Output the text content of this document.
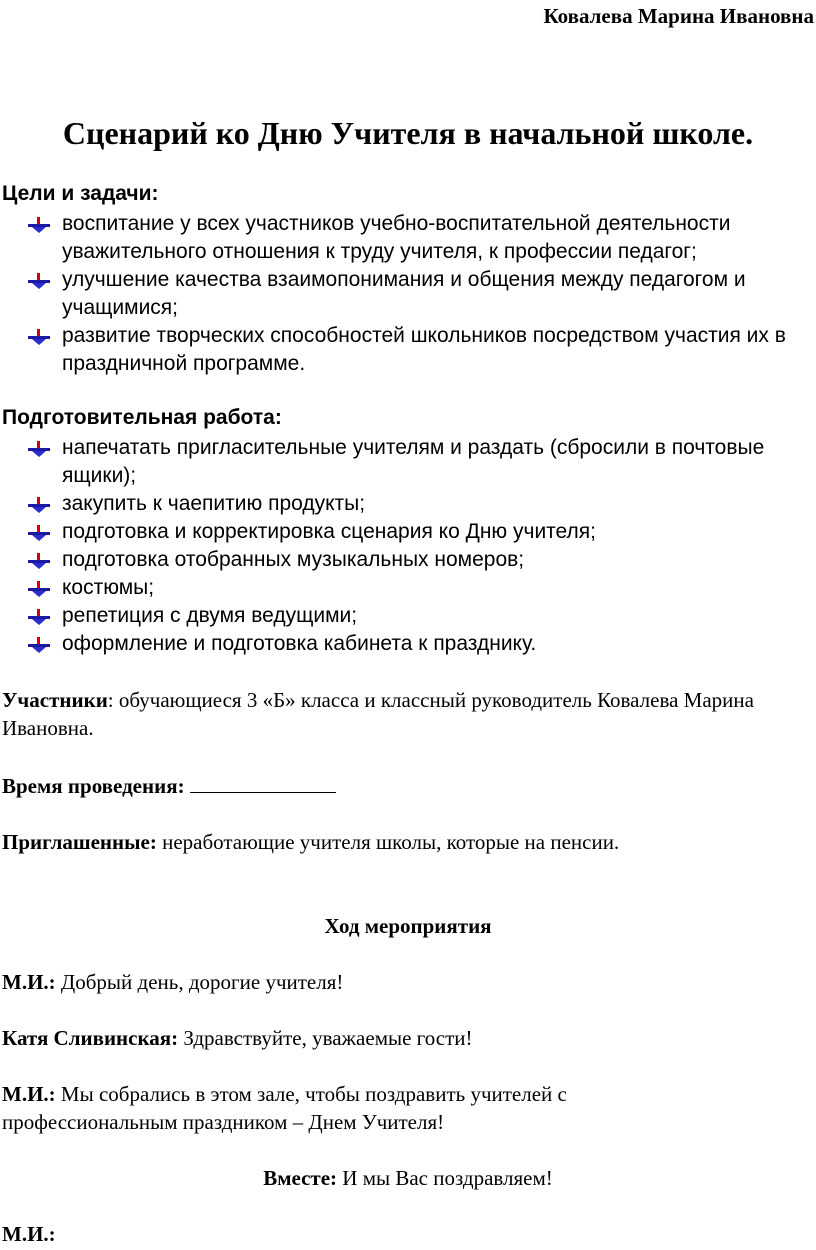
Ковалева Марина Ивановна
Сценарий ко Дню Учителя в начальной школе.
Цели и задачи:
воспитание у всех участников учебно-воспитательной деятельности уважительного отношения к труду учителя, к профессии педагог;
улучшение качества взаимопонимания и общения между педагогом и учащимися;
развитие творческих способностей школьников посредством участия их в праздничной программе.
Подготовительная работа:
напечатать пригласительные учителям и раздать (сбросили в почтовые ящики);
закупить к чаепитию продукты;
подготовка и корректировка сценария ко Дню учителя;
подготовка отобранных музыкальных номеров;
костюмы;
репетиция с двумя ведущими;
оформление и подготовка кабинета к празднику.
Участники: обучающиеся 3 «Б» класса и классный руководитель Ковалева Марина Ивановна.
Время проведения:
Приглашенные: неработающие учителя школы, которые на пенсии.
Ход мероприятия
М.И.: Добрый день, дорогие учителя!
Катя Сливинская: Здравствуйте, уважаемые гости!
М.И.: Мы собрались в этом зале, чтобы поздравить учителей с профессиональным праздником – Днем Учителя!
Вместе: И мы Вас поздравляем!
М.И.:
